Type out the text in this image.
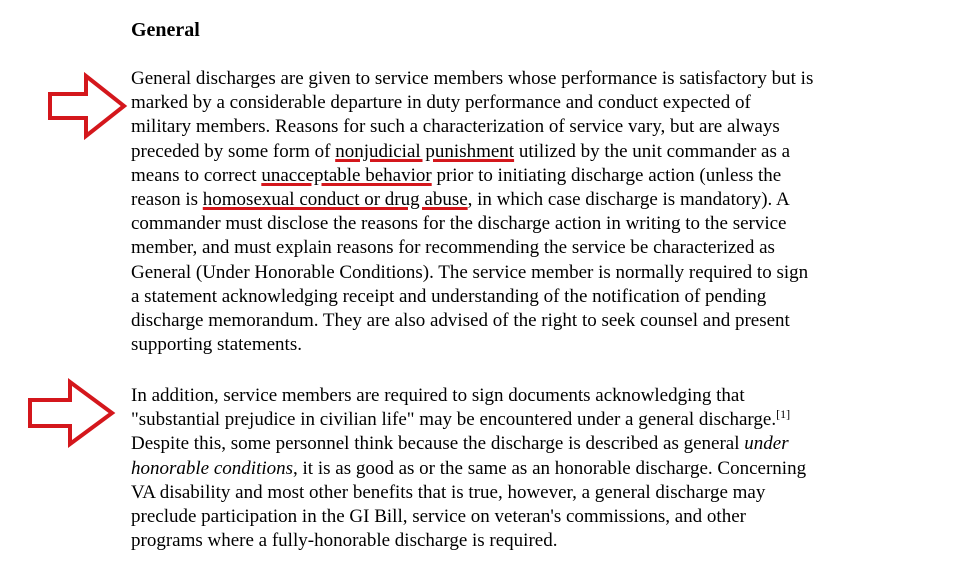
General
General discharges are given to service members whose performance is satisfactory but is
marked by a considerable departure in duty performance and conduct expected of
military members. Reasons for such a characterization of service vary, but are always
preceded by some form of nonjudicial punishment utilized by the unit commander as a
means to correct unacceptable behavior prior to initiating discharge action (unless the
reason is homosexual conduct or drug abuse, in which case discharge is mandatory). A
commander must disclose the reasons for the discharge action in writing to the service
member, and must explain reasons for recommending the service be characterized as
General (Under Honorable Conditions). The service member is normally required to sign
a statement acknowledging receipt and understanding of the notification of pending
discharge memorandum. They are also advised of the right to seek counsel and present
supporting statements.
In addition, service members are required to sign documents acknowledging that
"substantial prejudice in civilian life" may be encountered under a general discharge.[1]
Despite this, some personnel think because the discharge is described as general under
honorable conditions, it is as good as or the same as an honorable discharge. Concerning
VA disability and most other benefits that is true, however, a general discharge may
preclude participation in the GI Bill, service on veteran's commissions, and other
programs where a fully-honorable discharge is required.
